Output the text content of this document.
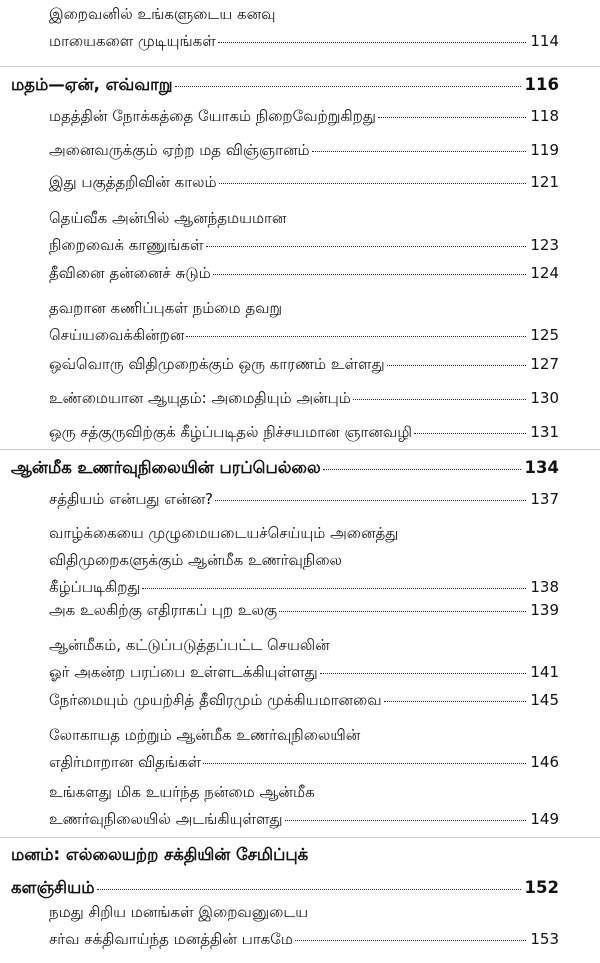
இறைவனில் உங்களுடைய கனவு
மாயைகளை முடியுங்கள்	114
மதம்—ஏன், எவ்வாறு	116
மதத்தின் நோக்கத்தை யோகம் நிறைவேற்றுகிறது	118
அனைவருக்கும் ஏற்ற மத விஞ்ஞானம்	119
இது பகுத்தறிவின் காலம்	121
தெய்வீக அன்பில் ஆனந்தமயமான
நிறைவைக் காணுங்கள்	123
தீவினை தன்னைச் சுடும்	124
தவறான கணிப்புகள் நம்மை தவறு
செய்யவைக்கின்றன	125
ஒவ்வொரு விதிமுறைக்கும் ஒரு காரணம் உள்ளது	127
உண்மையான ஆயுதம்: அமைதியும் அன்பும்	130
ஒரு சத்குருவிற்குக் கீழ்ப்படிதல் நிச்சயமான ஞானவழி	131
ஆன்மீக உணர்வுநிலையின் பரப்பெல்லை	134
சத்தியம் என்பது என்ன?	137
வாழ்க்கையை முழுமையடையச்செய்யும் அனைத்து
விதிமுறைகளுக்கும் ஆன்மீக உணர்வுநிலை
கீழ்ப்படிகிறது	138
அக உலகிற்கு எதிராகப் புற உலகு	139
ஆன்மீகம், கட்டுப்படுத்தப்பட்ட செயலின்
ஓர் அகன்ற பரப்பை உள்ளடக்கியுள்ளது	141
நேர்மையும் முயற்சித் தீவிரமும் முக்கியமானவை	145
லோகாயத மற்றும் ஆன்மீக உணர்வுநிலையின்
எதிர்மாறான விதங்கள்	146
உங்களது மிக உயர்ந்த நன்மை ஆன்மீக
உணர்வுநிலையில் அடங்கியுள்ளது	149
மனம்: எல்லையற்ற சக்தியின் சேமிப்புக்
களஞ்சியம்	152
நமது சிறிய மனங்கள் இறைவனுடைய
சர்வ சக்திவாய்ந்த மனத்தின் பாகமே	153
